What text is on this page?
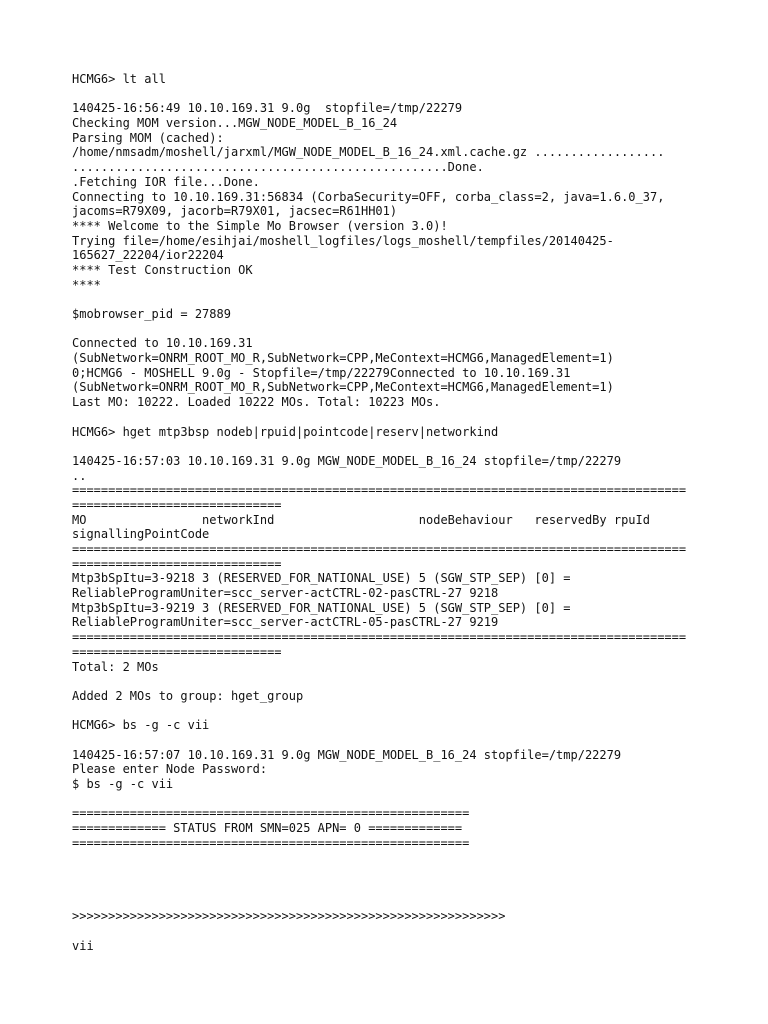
HCMG6> lt all
140425-16:56:49 10.10.169.31 9.0g  stopfile=/tmp/22279
Checking MOM version...MGW_NODE_MODEL_B_16_24
Parsing MOM (cached):
/home/nmsadm/moshell/jarxml/MGW_NODE_MODEL_B_16_24.xml.cache.gz ..................
....................................................Done.
.Fetching IOR file...Done.
Connecting to 10.10.169.31:56834 (CorbaSecurity=OFF, corba_class=2, java=1.6.0_37,
jacoms=R79X09, jacorb=R79X01, jacsec=R61HH01)
**** Welcome to the Simple Mo Browser (version 3.0)!
Trying file=/home/esihjai/moshell_logfiles/logs_moshell/tempfiles/20140425-
165627_22204/ior22204
**** Test Construction OK
****
$mobrowser_pid = 27889
Connected to 10.10.169.31
(SubNetwork=ONRM_ROOT_MO_R,SubNetwork=CPP,MeContext=HCMG6,ManagedElement=1)
0;HCMG6 - MOSHELL 9.0g - Stopfile=/tmp/22279Connected to 10.10.169.31
(SubNetwork=ONRM_ROOT_MO_R,SubNetwork=CPP,MeContext=HCMG6,ManagedElement=1)
Last MO: 10222. Loaded 10222 MOs. Total: 10223 MOs.
HCMG6> hget mtp3bsp nodeb|rpuid|pointcode|reserv|networkind
140425-16:57:03 10.10.169.31 9.0g MGW_NODE_MODEL_B_16_24 stopfile=/tmp/22279
..
=====================================================================================
=============================
MO                networkInd                    nodeBehaviour   reservedBy rpuId
signallingPointCode
=====================================================================================
=============================
Mtp3bSpItu=3-9218 3 (RESERVED_FOR_NATIONAL_USE) 5 (SGW_STP_SEP) [0] =
ReliableProgramUniter=scc_server-actCTRL-02-pasCTRL-27 9218
Mtp3bSpItu=3-9219 3 (RESERVED_FOR_NATIONAL_USE) 5 (SGW_STP_SEP) [0] =
ReliableProgramUniter=scc_server-actCTRL-05-pasCTRL-27 9219
=====================================================================================
=============================
Total: 2 MOs
Added 2 MOs to group: hget_group
HCMG6> bs -g -c vii
140425-16:57:07 10.10.169.31 9.0g MGW_NODE_MODEL_B_16_24 stopfile=/tmp/22279
Please enter Node Password:
$ bs -g -c vii
=======================================================
============= STATUS FROM SMN=025 APN= 0 =============
=======================================================
>>>>>>>>>>>>>>>>>>>>>>>>>>>>>>>>>>>>>>>>>>>>>>>>>>>>>>>>>>>>
vii
